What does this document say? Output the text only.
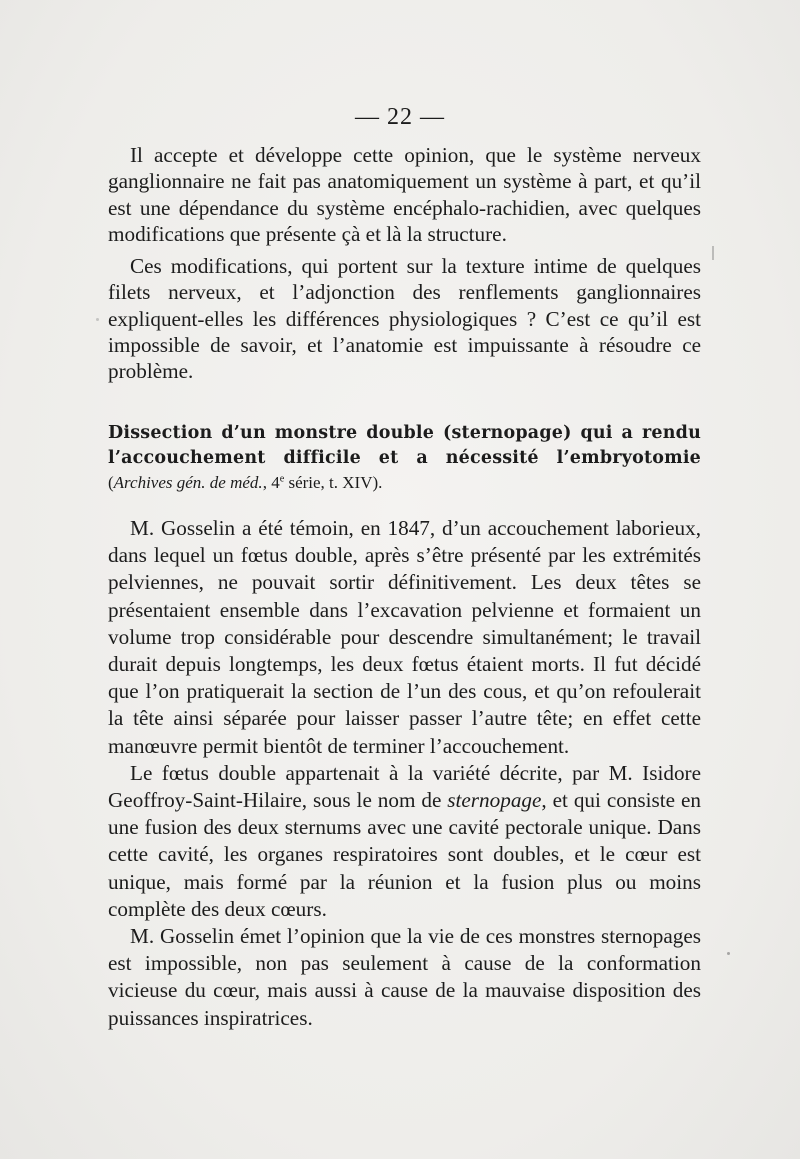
— 22 —

Il accepte et développe cette opinion, que le système nerveux ganglionnaire ne fait pas anatomiquement un système à part, et qu’il est une dépendance du système encéphalo-rachidien, avec quelques modifications que présente çà et là la structure.

Ces modifications, qui portent sur la texture intime de quelques filets nerveux, et l’adjonction des renflements ganglionnaires expliquent-elles les différences physiologiques ? C’est ce qu’il est impossible de savoir, et l’anatomie est impuissante à résoudre ce problème.

Dissection d’un monstre double (sternopage) qui a rendu l’accouchement difficile et a nécessité l’embryotomie (Archives gén. de méd., 4e série, t. XIV).

M. Gosselin a été témoin, en 1847, d’un accouchement laborieux, dans lequel un fœtus double, après s’être présenté par les extrémités pelviennes, ne pouvait sortir définitivement. Les deux têtes se présentaient ensemble dans l’excavation pelvienne et formaient un volume trop considérable pour descendre simultanément; le travail durait depuis longtemps, les deux fœtus étaient morts. Il fut décidé que l’on pratiquerait la section de l’un des cous, et qu’on refoulerait la tête ainsi séparée pour laisser passer l’autre tête; en effet cette manœuvre permit bientôt de terminer l’accouchement.

Le fœtus double appartenait à la variété décrite, par M. Isidore Geoffroy-Saint-Hilaire, sous le nom de sternopage, et qui consiste en une fusion des deux sternums avec une cavité pectorale unique. Dans cette cavité, les organes respiratoires sont doubles, et le cœur est unique, mais formé par la réunion et la fusion plus ou moins complète des deux cœurs.

M. Gosselin émet l’opinion que la vie de ces monstres sternopages est impossible, non pas seulement à cause de la conformation vicieuse du cœur, mais aussi à cause de la mauvaise disposition des puissances inspiratrices.
